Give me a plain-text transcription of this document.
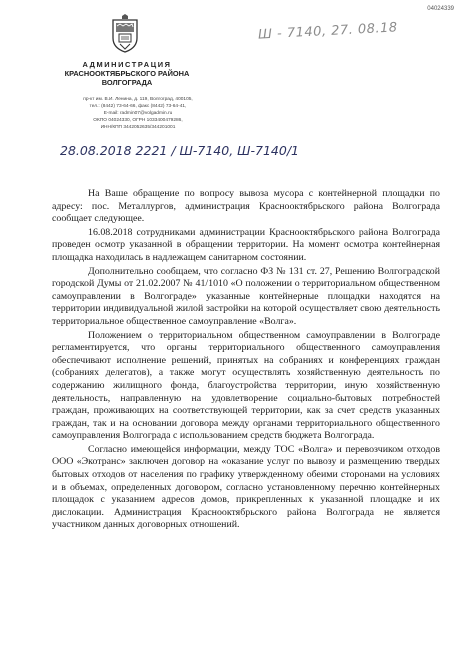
04024339
АДМИНИСТРАЦИЯ
КРАСНООКТЯБРЬСКОГО РАЙОНА
ВОЛГОГРАДА
пр-кт им. В.И. Ленина, д. 119, Волгоград, 400105,
тел.: (8442) 73-64-66, факс (8442) 73-64-41,
E-mail: radmin07@volgadmin.ru
ОКПО 04024330, ОГРН 1033400479286,
ИНН/КПП 3442052635/344201001
Ш - 7140, 27. 08.18
28.08.2018 2221 / Ш-7140, Ш-7140/1

На Ваше обращение по вопросу вывоза мусора с контейнерной площадки по адресу: пос. Металлургов, администрация Краснооктябрьского района Волгограда сообщает следующее.

16.08.2018 сотрудниками администрации Краснооктябрьского района Волгограда проведен осмотр указанной в обращении территории. На момент осмотра контейнерная площадка находилась в надлежащем санитарном состоянии.

Дополнительно сообщаем, что согласно ФЗ № 131 ст. 27, Решению Волгоградской городской Думы от 21.02.2007 № 41/1010 «О положении о территориальном общественном самоуправлении в Волгограде» указанные контейнерные площадки находятся на территории индивидуальной жилой застройки на которой осуществляет свою деятельность территориальное общественное самоуправление «Волга».

Положением о территориальном общественном самоуправлении в Волгограде регламентируется, что органы территориального общественного самоуправления обеспечивают исполнение решений, принятых на собраниях и конференциях граждан (собраниях делегатов), а также могут осуществлять хозяйственную деятельность по содержанию жилищного фонда, благоустройства территории, иную хозяйственную деятельность, направленную на удовлетворение социально-бытовых потребностей граждан, проживающих на соответствующей территории, как за счет средств указанных граждан, так и на основании договора между органами территориального общественного самоуправления Волгограда с использованием средств бюджета Волгограда.

Согласно имеющейся информации, между ТОС «Волга» и перевозчиком отходов ООО «Экотранс» заключен договор на «оказание услуг по вывозу и размещению твердых бытовых отходов от населения по графику утвержденному обеими сторонами на условиях и в объемах, определенных договором, согласно установленному перечню контейнерных площадок с указанием адресов домов, прикрепленных к указанной площадке и их дислокации. Администрация Краснооктябрьского района Волгограда не является участником данных договорных отношений.
